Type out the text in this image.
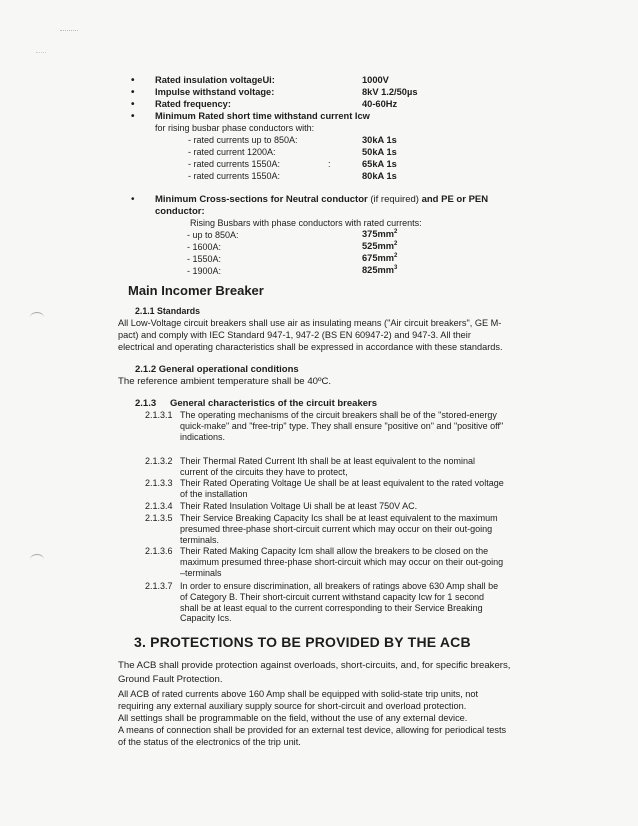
• Rated insulation voltageUi:	1000V
• Impulse withstand voltage:	8kV 1.2/50µs
• Rated frequency:	40-60Hz
• Minimum Rated short time withstand current Icw
for rising busbar phase conductors with:
- rated currents up to 850A:	30kA 1s
- rated current 1200A:	50kA 1s
- rated currents 1550A:	:	65kA 1s
- rated currents 1550A:	80kA 1s
• Minimum Cross-sections for Neutral conductor (if required) and PE or PEN
conductor:
Rising Busbars with phase conductors with rated currents:
- up to 850A:	$375mm^2$
- 1600A:	$525mm^2$
- 1550A:	$675mm^2$
- 1900A:	$825mm^3$
Main Incomer Breaker
2.1.1 Standards
All Low-Voltage circuit breakers shall use air as insulating means ("Air circuit breakers", GE M-
pact) and comply with IEC Standard 947-1, 947-2 (BS EN 60947-2) and 947-3. All their
electrical and operating characteristics shall be expressed in accordance with these standards.
2.1.2 General operational conditions
The reference ambient temperature shall be 40ºC.
2.1.3 General characteristics of the circuit breakers
2.1.3.1 The operating mechanisms of the circuit breakers shall be of the "stored-energy
quick-make" and "free-trip" type. They shall ensure "positive on" and "positive off"
indications.
2.1.3.2 Their Thermal Rated Current Ith shall be at least equivalent to the nominal
current of the circuits they have to protect,
2.1.3.3 Their Rated Operating Voltage Ue shall be at least equivalent to the rated voltage
of the installation
2.1.3.4 Their Rated Insulation Voltage Ui shall be at least 750V AC.
2.1.3.5 Their Service Breaking Capacity Ics shall be at least equivalent to the maximum
presumed three-phase short-circuit current which may occur on their out-going
terminals.
2.1.3.6 Their Rated Making Capacity Icm shall allow the breakers to be closed on the
maximum presumed three-phase short-circuit which may occur on their out-going
–terminals
2.1.3.7 In order to ensure discrimination, all breakers of ratings above 630 Amp shall be
of Category B. Their short-circuit current withstand capacity Icw for 1 second
shall be at least equal to the current corresponding to their Service Breaking
Capacity Ics.
3. PROTECTIONS TO BE PROVIDED BY THE ACB
The ACB shall provide protection against overloads, short-circuits, and, for specific breakers,
Ground Fault Protection.
All ACB of rated currents above 160 Amp shall be equipped with solid-state trip units, not
requiring any external auxiliary supply source for short-circuit and overload protection.
All settings shall be programmable on the field, without the use of any external device.
A means of connection shall be provided for an external test device, allowing for periodical tests
of the status of the electronics of the trip unit.
